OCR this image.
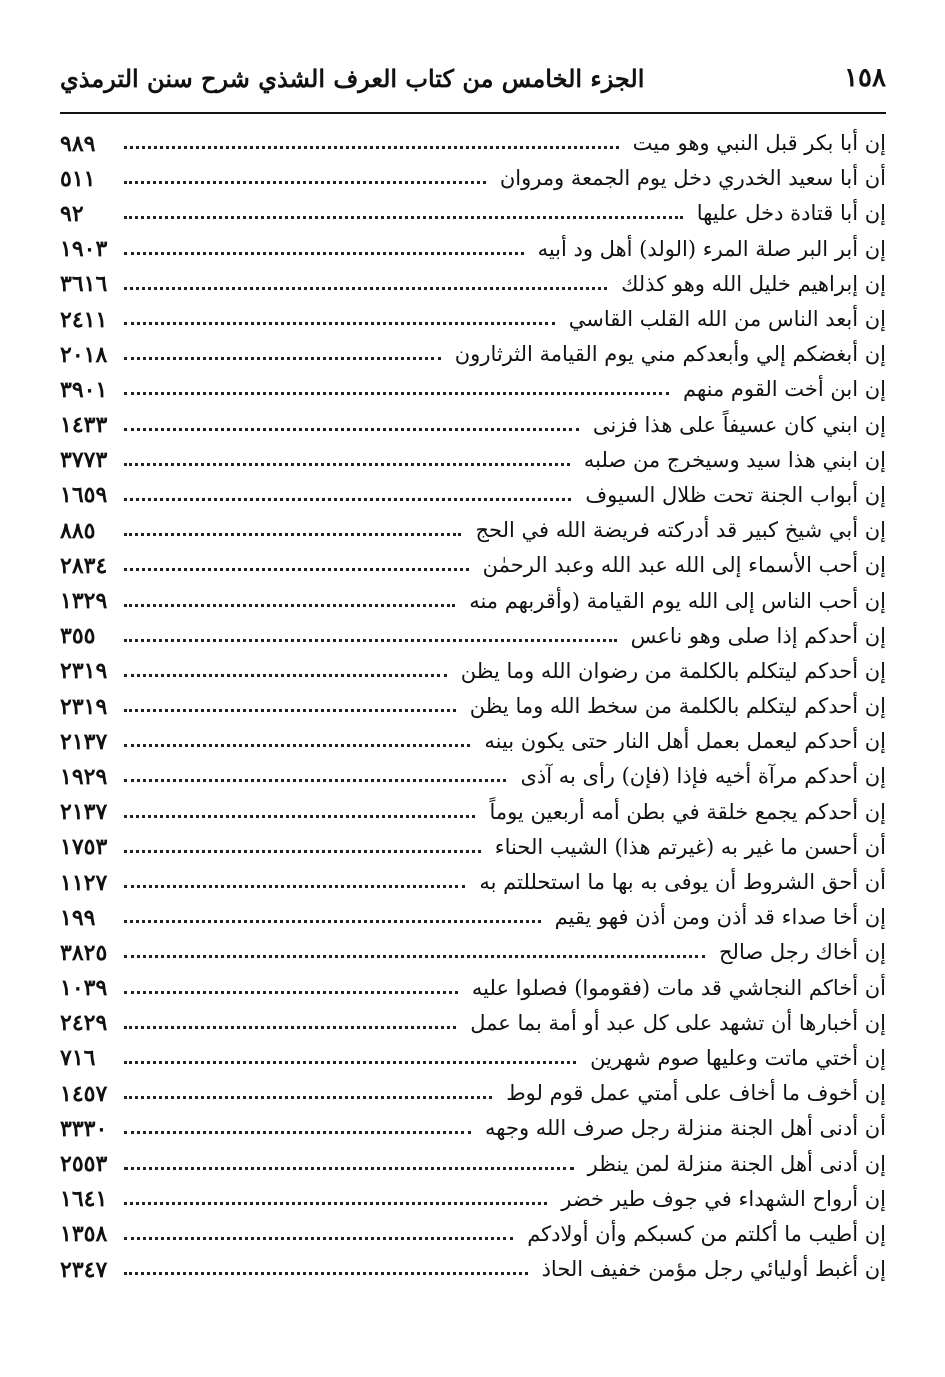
١٥٨
الجزء الخامس من كتاب العرف الشذي شرح سنن الترمذي
إن أبا بكر قبل النبي وهو ميت
٩٨٩
أن أبا سعيد الخدري دخل يوم الجمعة ومروان
٥١١
إن أبا قتادة دخل عليها
٩٢
إن أبر البر صلة المرء (الولد) أهل ود أبيه
١٩٠٣
إن إبراهيم خليل الله وهو كذلك
٣٦١٦
إن أبعد الناس من الله القلب القاسي
٢٤١١
إن أبغضكم إلي وأبعدكم مني يوم القيامة الثرثارون
٢٠١٨
إن ابن أخت القوم منهم
٣٩٠١
إن ابني كان عسيفاً على هذا فزنى
١٤٣٣
إن ابني هذا سيد وسيخرج من صلبه
٣٧٧٣
إن أبواب الجنة تحت ظلال السيوف
١٦٥٩
إن أبي شيخ كبير قد أدركته فريضة الله في الحج
٨٨٥
إن أحب الأسماء إلى الله عبد الله وعبد الرحمٰن
٢٨٣٤
إن أحب الناس إلى الله يوم القيامة (وأقربهم منه
١٣٢٩
إن أحدكم إذا صلى وهو ناعس
٣٥٥
إن أحدكم ليتكلم بالكلمة من رضوان الله وما يظن
٢٣١٩
إن أحدكم ليتكلم بالكلمة من سخط الله وما يظن
٢٣١٩
إن أحدكم ليعمل بعمل أهل النار حتى يكون بينه
٢١٣٧
إن أحدكم مرآة أخيه فإذا (فإن) رأى به آذى
١٩٢٩
إن أحدكم يجمع خلقة في بطن أمه أربعين يوماً
٢١٣٧
أن أحسن ما غير به (غيرتم هذا) الشيب الحناء
١٧٥٣
أن أحق الشروط أن يوفى به بها ما استحللتم به
١١٢٧
إن أخا صداء قد أذن ومن أذن فهو يقيم
١٩٩
إن أخاك رجل صالح
٣٨٢٥
أن أخاكم النجاشي قد مات (فقوموا) فصلوا عليه
١٠٣٩
إن أخبارها أن تشهد على كل عبد أو أمة بما عمل
٢٤٢٩
إن أختي ماتت وعليها صوم شهرين
٧١٦
إن أخوف ما أخاف على أمتي عمل قوم لوط
١٤٥٧
أن أدنى أهل الجنة منزلة رجل صرف الله وجهه
٣٣٣٠
إن أدنى أهل الجنة منزلة لمن ينظر
٢٥٥٣
إن أرواح الشهداء في جوف طير خضر
١٦٤١
إن أطيب ما أكلتم من كسبكم وأن أولادكم
١٣٥٨
إن أغبط أوليائي رجل مؤمن خفيف الحاذ
٢٣٤٧
